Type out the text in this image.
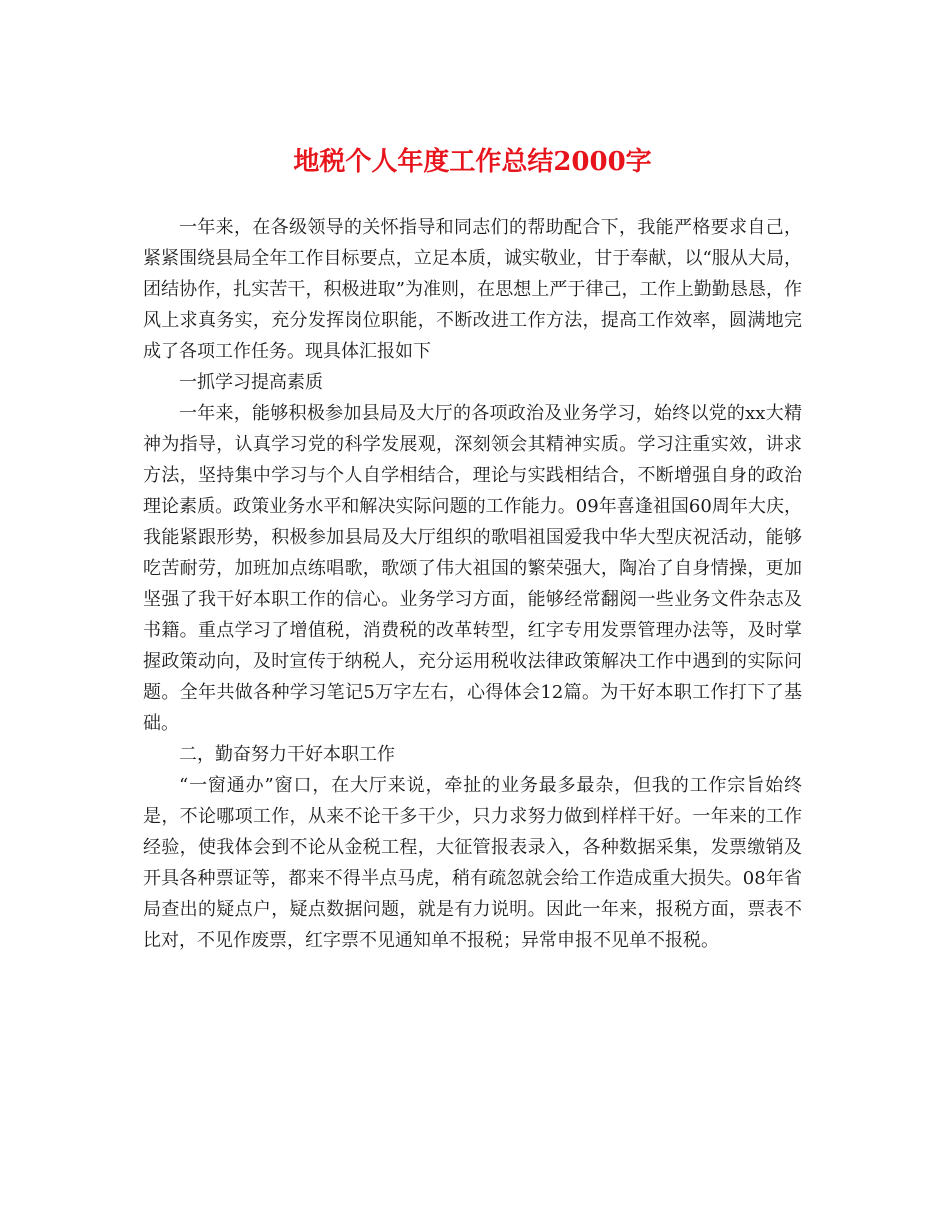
地税个人年度工作总结2000字

一年来，在各级领导的关怀指导和同志们的帮助配合下，我能严格要求自己，紧紧围绕县局全年工作目标要点，立足本质，诚实敬业，甘于奉献，以“服从大局，团结协作，扎实苦干，积极进取”为准则，在思想上严于律己，工作上勤勤恳恳，作风上求真务实，充分发挥岗位职能，不断改进工作方法，提高工作效率，圆满地完成了各项工作任务。现具体汇报如下

一抓学习提高素质

一年来，能够积极参加县局及大厅的各项政治及业务学习，始终以党的xx大精神为指导，认真学习党的科学发展观，深刻领会其精神实质。学习注重实效，讲求方法，坚持集中学习与个人自学相结合，理论与实践相结合，不断增强自身的政治理论素质。政策业务水平和解决实际问题的工作能力。09年喜逢祖国60周年大庆，我能紧跟形势，积极参加县局及大厅组织的歌唱祖国爱我中华大型庆祝活动，能够吃苦耐劳，加班加点练唱歌，歌颂了伟大祖国的繁荣强大，陶冶了自身情操，更加坚强了我干好本职工作的信心。业务学习方面，能够经常翻阅一些业务文件杂志及书籍。重点学习了增值税，消费税的改革转型，红字专用发票管理办法等，及时掌握政策动向，及时宣传于纳税人，充分运用税收法律政策解决工作中遇到的实际问题。全年共做各种学习笔记5万字左右，心得体会12篇。为干好本职工作打下了基础。

二，勤奋努力干好本职工作

“一窗通办”窗口，在大厅来说，牵扯的业务最多最杂，但我的工作宗旨始终是，不论哪项工作，从来不论干多干少，只力求努力做到样样干好。一年来的工作经验，使我体会到不论从金税工程，大征管报表录入，各种数据采集，发票缴销及开具各种票证等，都来不得半点马虎，稍有疏忽就会给工作造成重大损失。08年省局查出的疑点户，疑点数据问题，就是有力说明。因此一年来，报税方面，票表不比对，不见作废票，红字票不见通知单不报税；异常申报不见单不报税。
